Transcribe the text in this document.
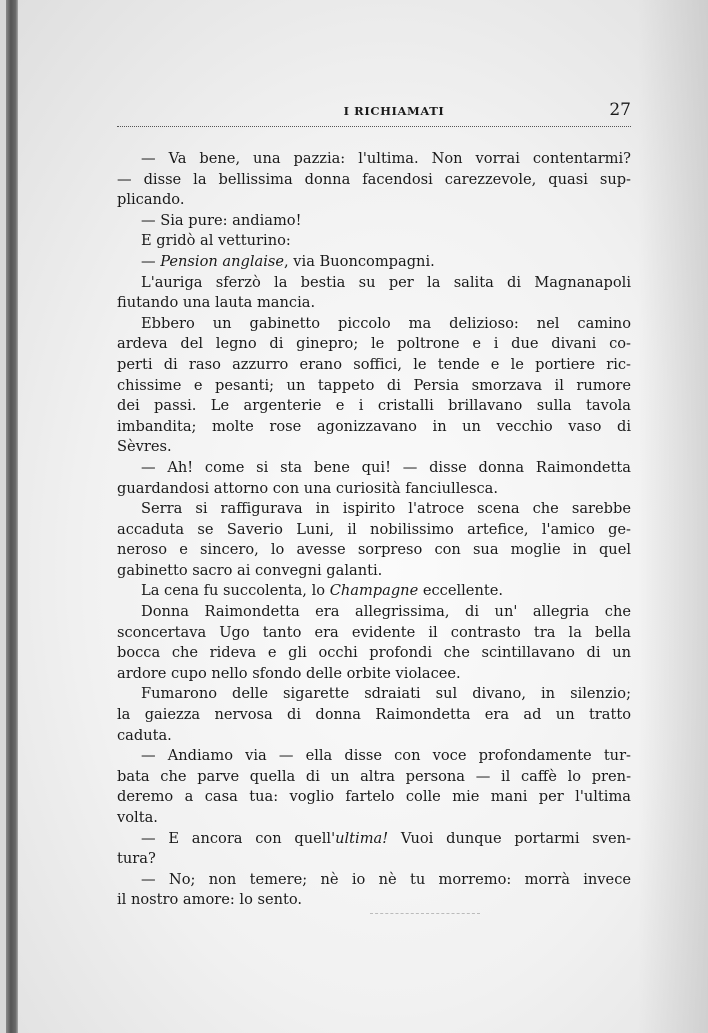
I RICHIAMATI	27
— Va bene, una pazzia: l'ultima. Non vorrai contentarmi?
— disse la bellissima donna facendosi carezzevole, quasi sup-
plicando.
— Sia pure: andiamo!
E gridò al vetturino:
— Pension anglaise, via Buoncompagni.
L'auriga sferzò la bestia su per la salita di Magnanapoli
fiutando una lauta mancia.
Ebbero un gabinetto piccolo ma delizioso: nel camino
ardeva del legno di ginepro; le poltrone e i due divani co-
perti di raso azzurro erano soffici, le tende e le portiere ric-
chissime e pesanti; un tappeto di Persia smorzava il rumore
dei passi. Le argenterie e i cristalli brillavano sulla tavola
imbandita; molte rose agonizzavano in un vecchio vaso di
Sèvres.
— Ah! come si sta bene qui! — disse donna Raimondetta
guardandosi attorno con una curiosità fanciullesca.
Serra si raffigurava in ispirito l'atroce scena che sarebbe
accaduta se Saverio Luni, il nobilissimo artefice, l'amico ge-
neroso e sincero, lo avesse sorpreso con sua moglie in quel
gabinetto sacro ai convegni galanti.
La cena fu succolenta, lo Champagne eccellente.
Donna Raimondetta era allegrissima, di un' allegria che
sconcertava Ugo tanto era evidente il contrasto tra la bella
bocca che rideva e gli occhi profondi che scintillavano di un
ardore cupo nello sfondo delle orbite violacee.
Fumarono delle sigarette sdraiati sul divano, in silenzio;
la gaiezza nervosa di donna Raimondetta era ad un tratto
caduta.
— Andiamo via — ella disse con voce profondamente tur-
bata che parve quella di un altra persona — il caffè lo pren-
deremo a casa tua: voglio fartelo colle mie mani per l'ultima
volta.
— E ancora con quell'ultima! Vuoi dunque portarmi sven-
tura?
— No; non temere; nè io nè tu morremo: morrà invece
il nostro amore: lo sento.
